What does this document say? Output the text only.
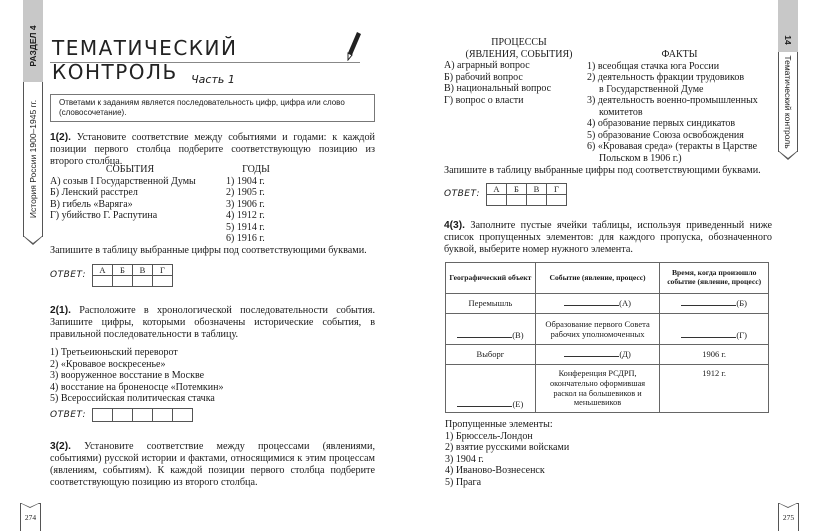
РАЗДЕЛ 4
История России 1900–1945 гг.
ТЕМАТИЧЕСКИЙ КОНТРОЛЬ	Часть 1
Ответами к заданиям является последовательность цифр, цифра или слово (словосочетание).
1(2). Установите соответствие между событиями и годами: к каждой позиции первого столбца подберите соответствующую позицию из второго столбца.
СОБЫТИЯ
А) созыв I Государственной Думы
Б) Ленский расстрел
В) гибель «Варяга»
Г) убийство Г. Распутина
ГОДЫ
1) 1904 г.
2) 1905 г.
3) 1906 г.
4) 1912 г.
5) 1914 г.
6) 1916 г.
Запишите в таблицу выбранные цифры под соответствующими буквами.
ОТВЕТ:
А	Б	В	Г

2(1). Расположите в хронологической последовательности события. Запишите цифры, которыми обозначены исторические события, в правильной последовательности в таблицу.
1) Третьеиюньский переворот
2) «Кровавое воскресенье»
3) вооруженное восстание в Москве
4) восстание на броненосце «Потемкин»
5) Всероссийская политическая стачка
ОТВЕТ:

3(2). Установите соответствие между процессами (явлениями, событиями) русской истории и фактами, относящимися к этим процессам (явлениям, событиям). К каждой позиции первого столбца подберите соответствующую позицию из второго столбца.
274
14
Тематический контроль
ПРОЦЕССЫ
(ЯВЛЕНИЯ, СОБЫТИЯ)
А) аграрный вопрос
Б) рабочий вопрос
В) национальный вопрос
Г) вопрос о власти
ФАКТЫ
1) всеобщая стачка юга России
2) деятельность фракции трудовиков
в Государственной Думе
3) деятельность военно-промышленных
комитетов
4) образование первых синдикатов
5) образование Союза освобождения
6) «Кровавая среда» (теракты в Царстве
Польском в 1906 г.)
Запишите в таблицу выбранные цифры под соответствующими буквами.
ОТВЕТ:
А	Б	В	Г

4(3). Заполните пустые ячейки таблицы, используя приведенный ниже список пропущенных элементов: для каждого пропуска, обозначенного буквой, выберите номер нужного элемента.
275
Географический объект	Событие (явление, процесс)	Время, когда произошло событие (явление, процесс)
Перемышль	(А)	(Б)
(В)	Образование первого Совета рабочих уполномоченных	(Г)
Выборг	(Д)	1906 г.
(Е)	Конференция РСДРП, окончательно оформившая раскол на большевиков и меньшевиков	1912 г.
Пропущенные элементы:
1) Брюссель-Лондон
2) взятие русскими войсками
3) 1904 г.
4) Иваново-Вознесенск
5) Прага
